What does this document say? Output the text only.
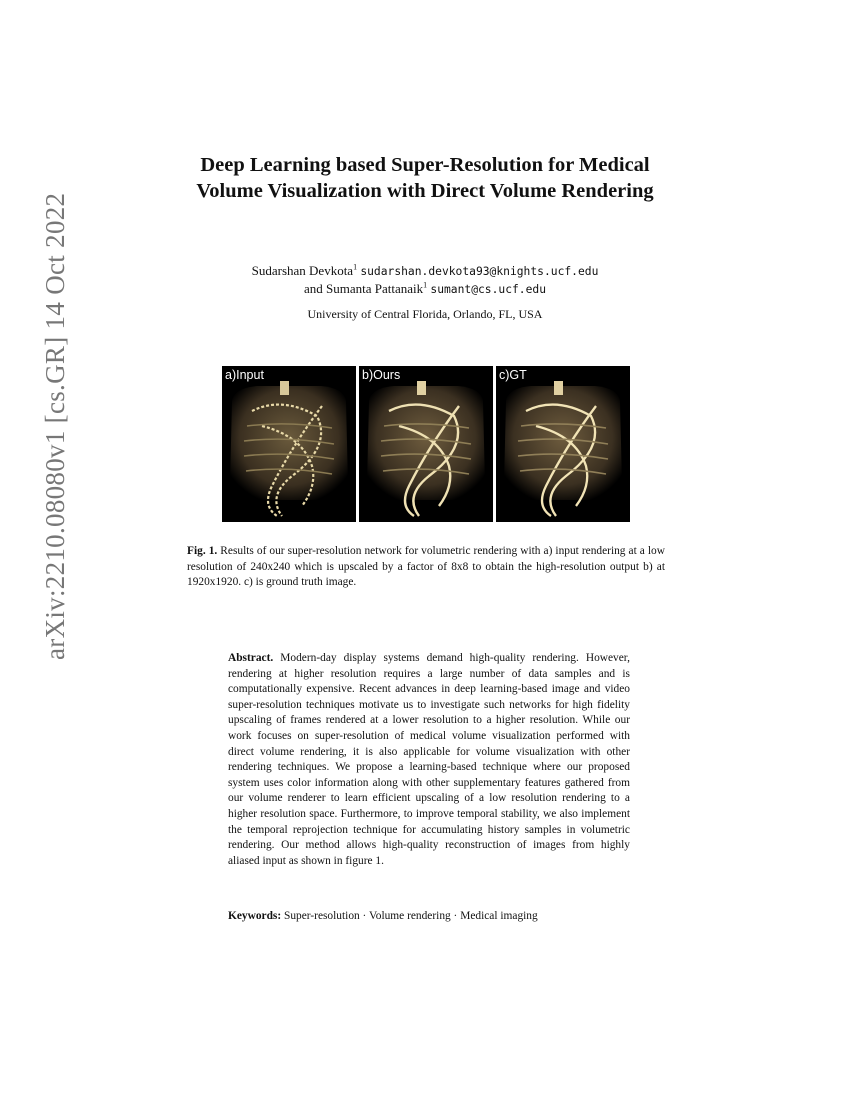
arXiv:2210.08080v1 [cs.GR] 14 Oct 2022
Deep Learning based Super-Resolution for Medical Volume Visualization with Direct Volume Rendering
Sudarshan Devkota$^1$ sudarshan.devkota93@knights.ucf.edu
and Sumanta Pattanaik$^1$ sumant@cs.ucf.edu
University of Central Florida, Orlando, FL, USA
a)Input	b)Ours	c)GT
Fig. 1. Results of our super-resolution network for volumetric rendering with a) input rendering at a low resolution of 240x240 which is upscaled by a factor of 8x8 to obtain the high-resolution output b) at 1920x1920. c) is ground truth image.
Abstract. Modern-day display systems demand high-quality rendering. However, rendering at higher resolution requires a large number of data samples and is computationally expensive. Recent advances in deep learning-based image and video super-resolution techniques motivate us to investigate such networks for high fidelity upscaling of frames rendered at a lower resolution to a higher resolution. While our work focuses on super-resolution of medical volume visualization performed with direct volume rendering, it is also applicable for volume visualization with other rendering techniques. We propose a learning-based technique where our proposed system uses color information along with other supplementary features gathered from our volume renderer to learn efficient upscaling of a low resolution rendering to a higher resolution space. Furthermore, to improve temporal stability, we also implement the temporal reprojection technique for accumulating history samples in volumetric rendering. Our method allows high-quality reconstruction of images from highly aliased input as shown in figure 1.
Keywords: Super-resolution · Volume rendering · Medical imaging
